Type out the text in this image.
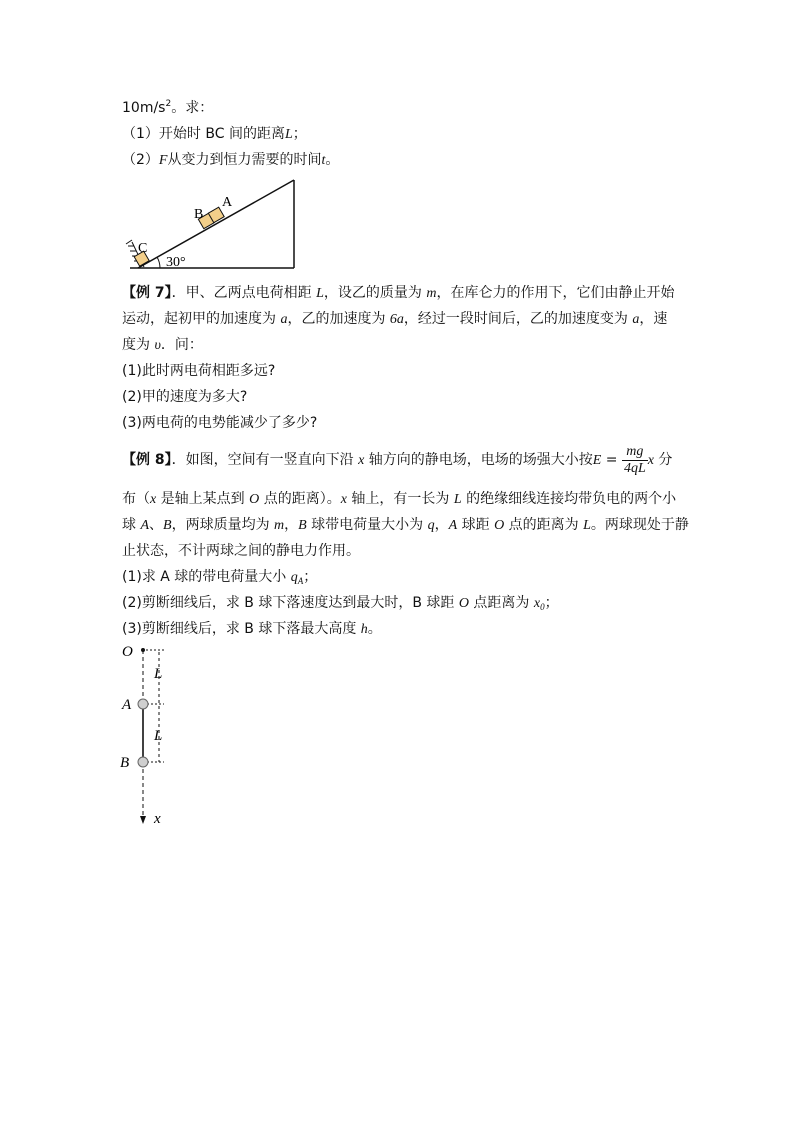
$10m/s^2$。求：
（1）开始时 BC 间的距离L；
（2）F从变力到恒力需要的时间t。
C
B
A
30°
【例 7】．甲、乙两点电荷相距 L，设乙的质量为 m，在库仑力的作用下，它们由静止开始
运动，起初甲的加速度为 a，乙的加速度为 6a，经过一段时间后，乙的加速度变为 a，速
度为 υ．问：
(1)此时两电荷相距多远?
(2)甲的速度为多大?
(3)两电荷的电势能减少了多少?
【例 8】．如图，空间有一竖直向下沿 x 轴方向的静电场，电场的场强大小按$E = \frac{mg}{4qL}$ x 分
布（x 是轴上某点到 O 点的距离）。x 轴上，有一长为 L 的绝缘细线连接均带负电的两个小
球 A、B，两球质量均为 m，B 球带电荷量大小为 q，A 球距 O 点的距离为 L。两球现处于静
止状态，不计两球之间的静电力作用。
(1)求 A 球的带电荷量大小 $q_A$；
(2)剪断细线后，求 B 球下落速度达到最大时，B 球距 O 点距离为 $x_0$；
(3)剪断细线后，求 B 球下落最大高度 h。
O
A
B
L
L
x
